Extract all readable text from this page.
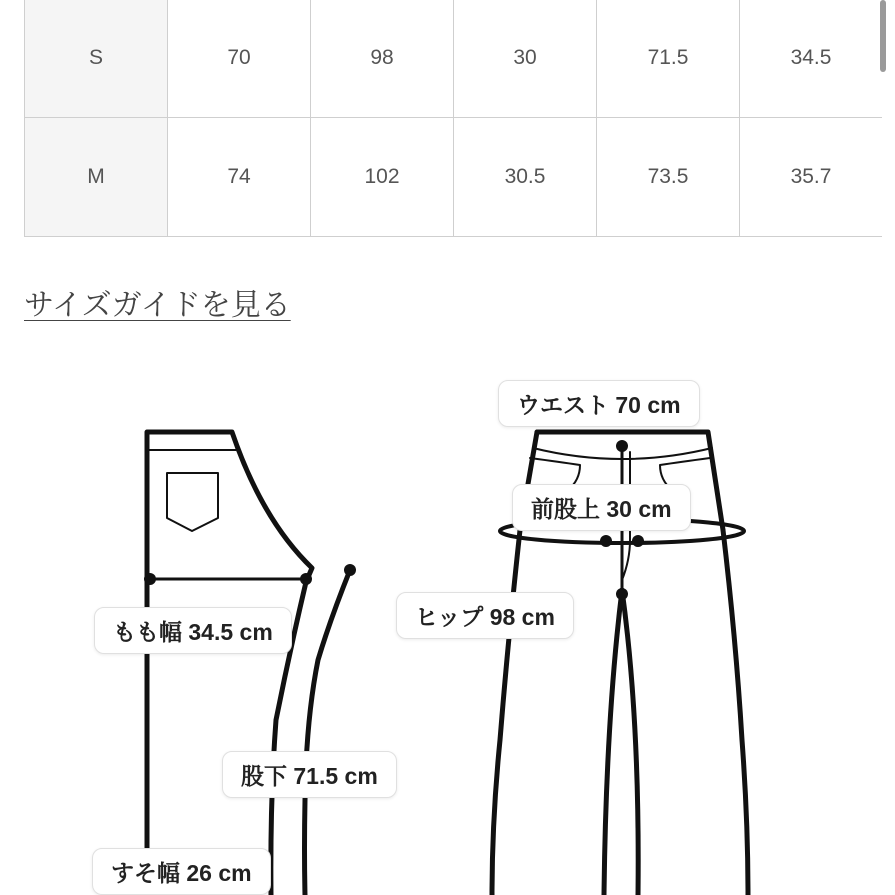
S	70	98	30	71.5	34.5
M	74	102	30.5	73.5	35.7
サイズガイドを見る
ウエスト 70 cm
前股上 30 cm
ヒップ 98 cm
もも幅 34.5 cm
股下 71.5 cm
すそ幅 26 cm
